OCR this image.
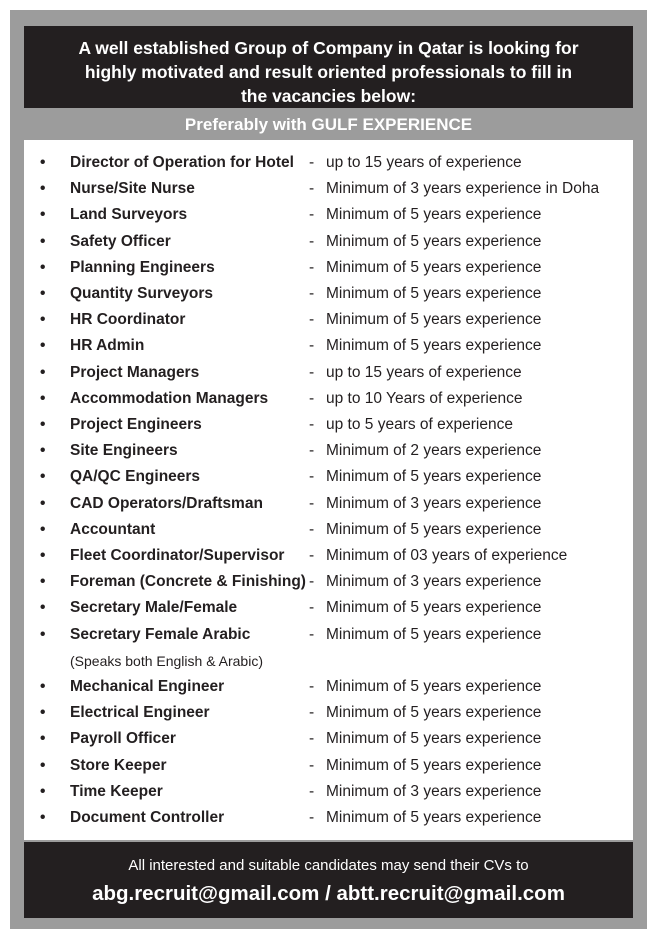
A well established Group of Company in Qatar is looking for
highly motivated and result oriented professionals to fill in
the vacancies below:
Preferably with GULF EXPERIENCE
• Director of Operation for Hotel - up to 15 years of experience
• Nurse/Site Nurse	- Minimum of 3 years experience in Doha
• Land Surveyors	- Minimum of 5 years experience
• Safety Officer	- Minimum of 5 years experience
• Planning Engineers	- Minimum of 5 years experience
• Quantity Surveyors	- Minimum of 5 years experience
• HR Coordinator	- Minimum of 5 years experience
• HR Admin	- Minimum of 5 years experience
• Project Managers	- up to 15 years of experience
• Accommodation Managers	- up to 10 Years of experience
• Project Engineers	- up to 5 years of experience
• Site Engineers	- Minimum of 2 years experience
• QA/QC Engineers	- Minimum of 5 years experience
• CAD Operators/Draftsman	- Minimum of 3 years experience
• Accountant	- Minimum of 5 years experience
• Fleet Coordinator/Supervisor - Minimum of 03 years of experience
• Foreman (Concrete & Finishing) - Minimum of 3 years experience
• Secretary Male/Female	- Minimum of 5 years experience
• Secretary Female Arabic	- Minimum of 5 years experience
(Speaks both English & Arabic)
• Mechanical Engineer	- Minimum of 5 years experience
• Electrical Engineer	- Minimum of 5 years experience
• Payroll Officer	- Minimum of 5 years experience
• Store Keeper	- Minimum of 5 years experience
• Time Keeper	- Minimum of 3 years experience
• Document Controller	- Minimum of 5 years experience
All interested and suitable candidates may send their CVs to
abg.recruit@gmail.com / abtt.recruit@gmail.com
